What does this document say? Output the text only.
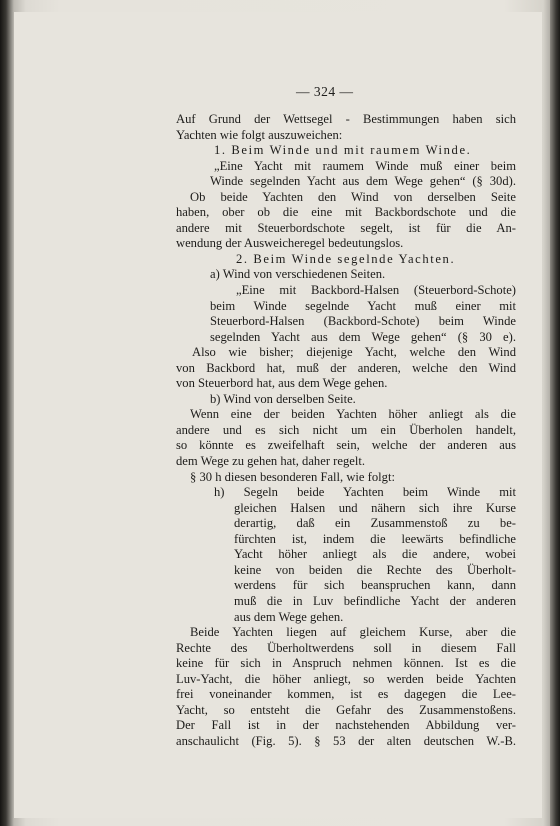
— 324 —
Auf Grund der Wettsegel - Bestimmungen haben sich
Yachten wie folgt auszuweichen:
1. Beim Winde und mit raumem Winde.
„Eine Yacht mit raumem Winde muß einer beim
Winde segelnden Yacht aus dem Wege gehen“ (§ 30d).
Ob beide Yachten den Wind von derselben Seite
haben, ober ob die eine mit Backbordschote und die
andere mit Steuerbordschote segelt, ist für die An-
wendung der Ausweicheregel bedeutungslos.
2. Beim Winde segelnde Yachten.
a) Wind von verschiedenen Seiten.
„Eine mit Backbord-Halsen (Steuerbord-Schote)
beim Winde segelnde Yacht muß einer mit
Steuerbord-Halsen (Backbord-Schote) beim Winde
segelnden Yacht aus dem Wege gehen“ (§ 30 e).
Also wie bisher; diejenige Yacht, welche den Wind
von Backbord hat, muß der anderen, welche den Wind
von Steuerbord hat, aus dem Wege gehen.
b) Wind von derselben Seite.
Wenn eine der beiden Yachten höher anliegt als die
andere und es sich nicht um ein Überholen handelt,
so könnte es zweifelhaft sein, welche der anderen aus
dem Wege zu gehen hat, daher regelt.
§ 30 h diesen besonderen Fall, wie folgt:
h) Segeln beide Yachten beim Winde mit
gleichen Halsen und nähern sich ihre Kurse
derartig, daß ein Zusammenstoß zu be-
fürchten ist, indem die leewärts befindliche
Yacht höher anliegt als die andere, wobei
keine von beiden die Rechte des Überholt-
werdens für sich beanspruchen kann, dann
muß die in Luv befindliche Yacht der anderen
aus dem Wege gehen.
Beide Yachten liegen auf gleichem Kurse, aber die
Rechte des Überholtwerdens soll in diesem Fall
keine für sich in Anspruch nehmen können. Ist es die
Luv-Yacht, die höher anliegt, so werden beide Yachten
frei voneinander kommen, ist es dagegen die Lee-
Yacht, so entsteht die Gefahr des Zusammenstoßens.
Der Fall ist in der nachstehenden Abbildung ver-
anschaulicht (Fig. 5). § 53 der alten deutschen W.-B.
